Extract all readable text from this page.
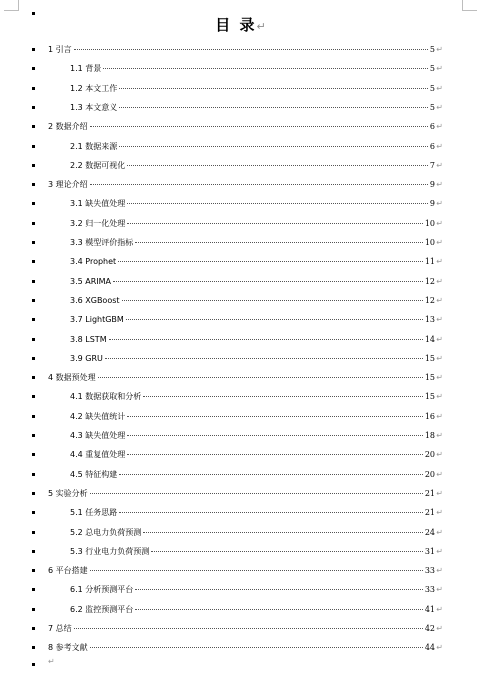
目 录↵
1 引言	5 ↵
1.1 背景	5 ↵
1.2 本文工作	5 ↵
1.3 本文意义	5 ↵
2 数据介绍	6 ↵
2.1 数据来源	6 ↵
2.2 数据可视化	7 ↵
3 理论介绍	9 ↵
3.1 缺失值处理	9 ↵
3.2 归一化处理	10 ↵
3.3 模型评价指标	10 ↵
3.4 Prophet	11 ↵
3.5 ARIMA	12 ↵
3.6 XGBoost	12 ↵
3.7 LightGBM	13 ↵
3.8 LSTM	14 ↵
3.9 GRU	15 ↵
4 数据预处理	15 ↵
4.1 数据获取和分析	15 ↵
4.2 缺失值统计	16 ↵
4.3 缺失值处理	18 ↵
4.4 重复值处理	20 ↵
4.5 特征构建	20 ↵
5 实验分析	21 ↵
5.1 任务思路	21 ↵
5.2 总电力负荷预测	24 ↵
5.3 行业电力负荷预测	31 ↵
6 平台搭建	33 ↵
6.1 分析预测平台	33 ↵
6.2 监控预测平台	41 ↵
7 总结	42 ↵
8 参考文献	44 ↵
↵
